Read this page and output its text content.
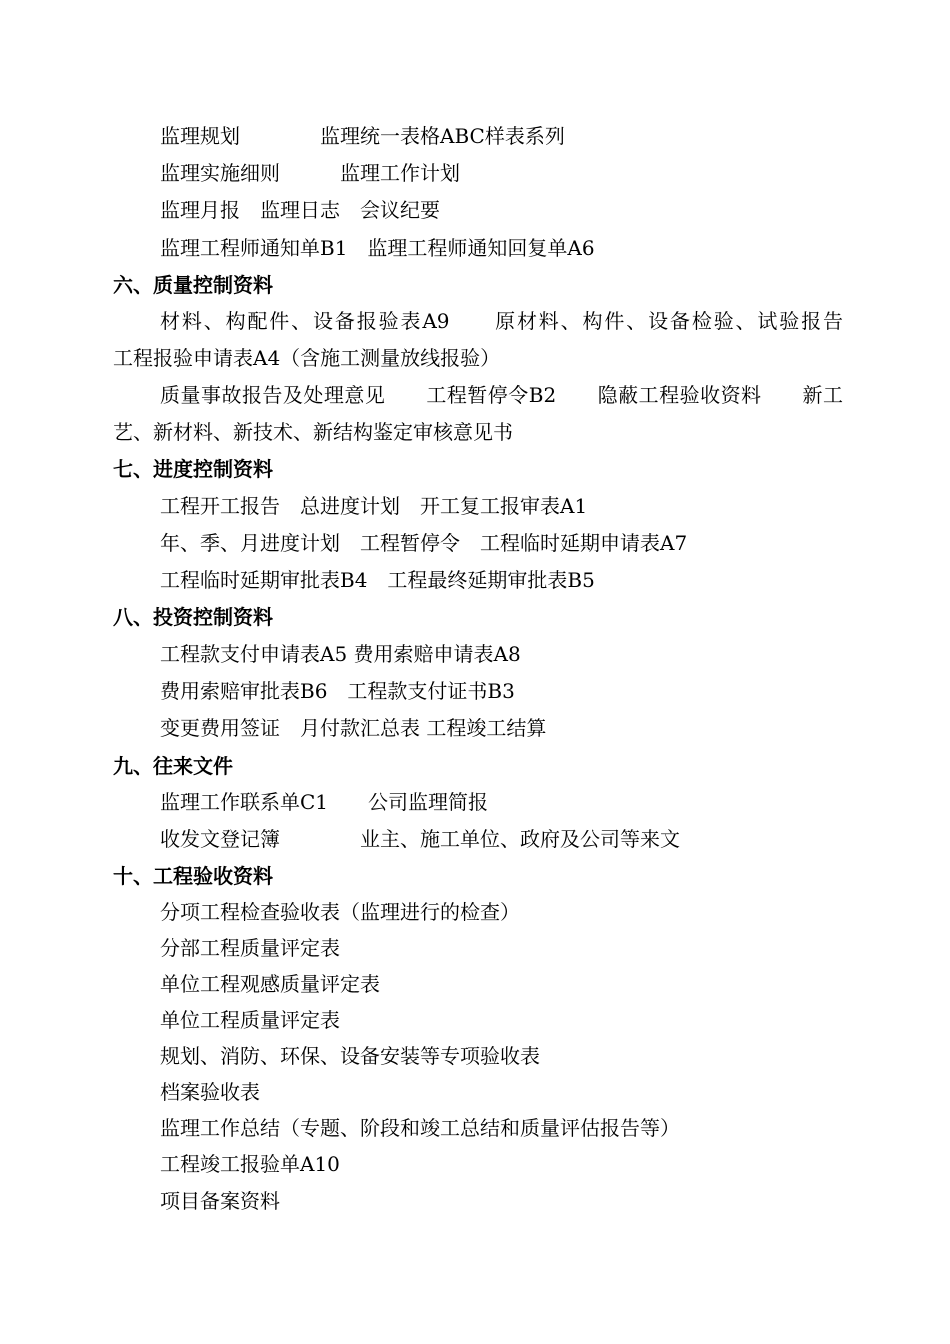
监理规划　　　　监理统一表格ABC样表系列
监理实施细则　　　监理工作计划
监理月报　监理日志　会议纪要
监理工程师通知单B1　监理工程师通知回复单A6
六、质量控制资料
材料、构配件、设备报验表A9　　原材料、构件、设备检验、试验报告　　工程报验申请表A4（含施工测量放线报验）
质量事故报告及处理意见　　工程暂停令B2　　隐蔽工程验收资料　　新工艺、新材料、新技术、新结构鉴定审核意见书
七、进度控制资料
工程开工报告　总进度计划　开工复工报审表A1
年、季、月进度计划　工程暂停令　工程临时延期申请表A7
工程临时延期审批表B4　工程最终延期审批表B5
八、投资控制资料
工程款支付申请表A5 费用索赔申请表A8
费用索赔审批表B6　工程款支付证书B3
变更费用签证　月付款汇总表 工程竣工结算
九、往来文件
监理工作联系单C1　　公司监理简报
收发文登记簿　　　　业主、施工单位、政府及公司等来文
十、工程验收资料
分项工程检查验收表（监理进行的检查）
分部工程质量评定表
单位工程观感质量评定表
单位工程质量评定表
规划、消防、环保、设备安装等专项验收表
档案验收表
监理工作总结（专题、阶段和竣工总结和质量评估报告等）
工程竣工报验单A10
项目备案资料
